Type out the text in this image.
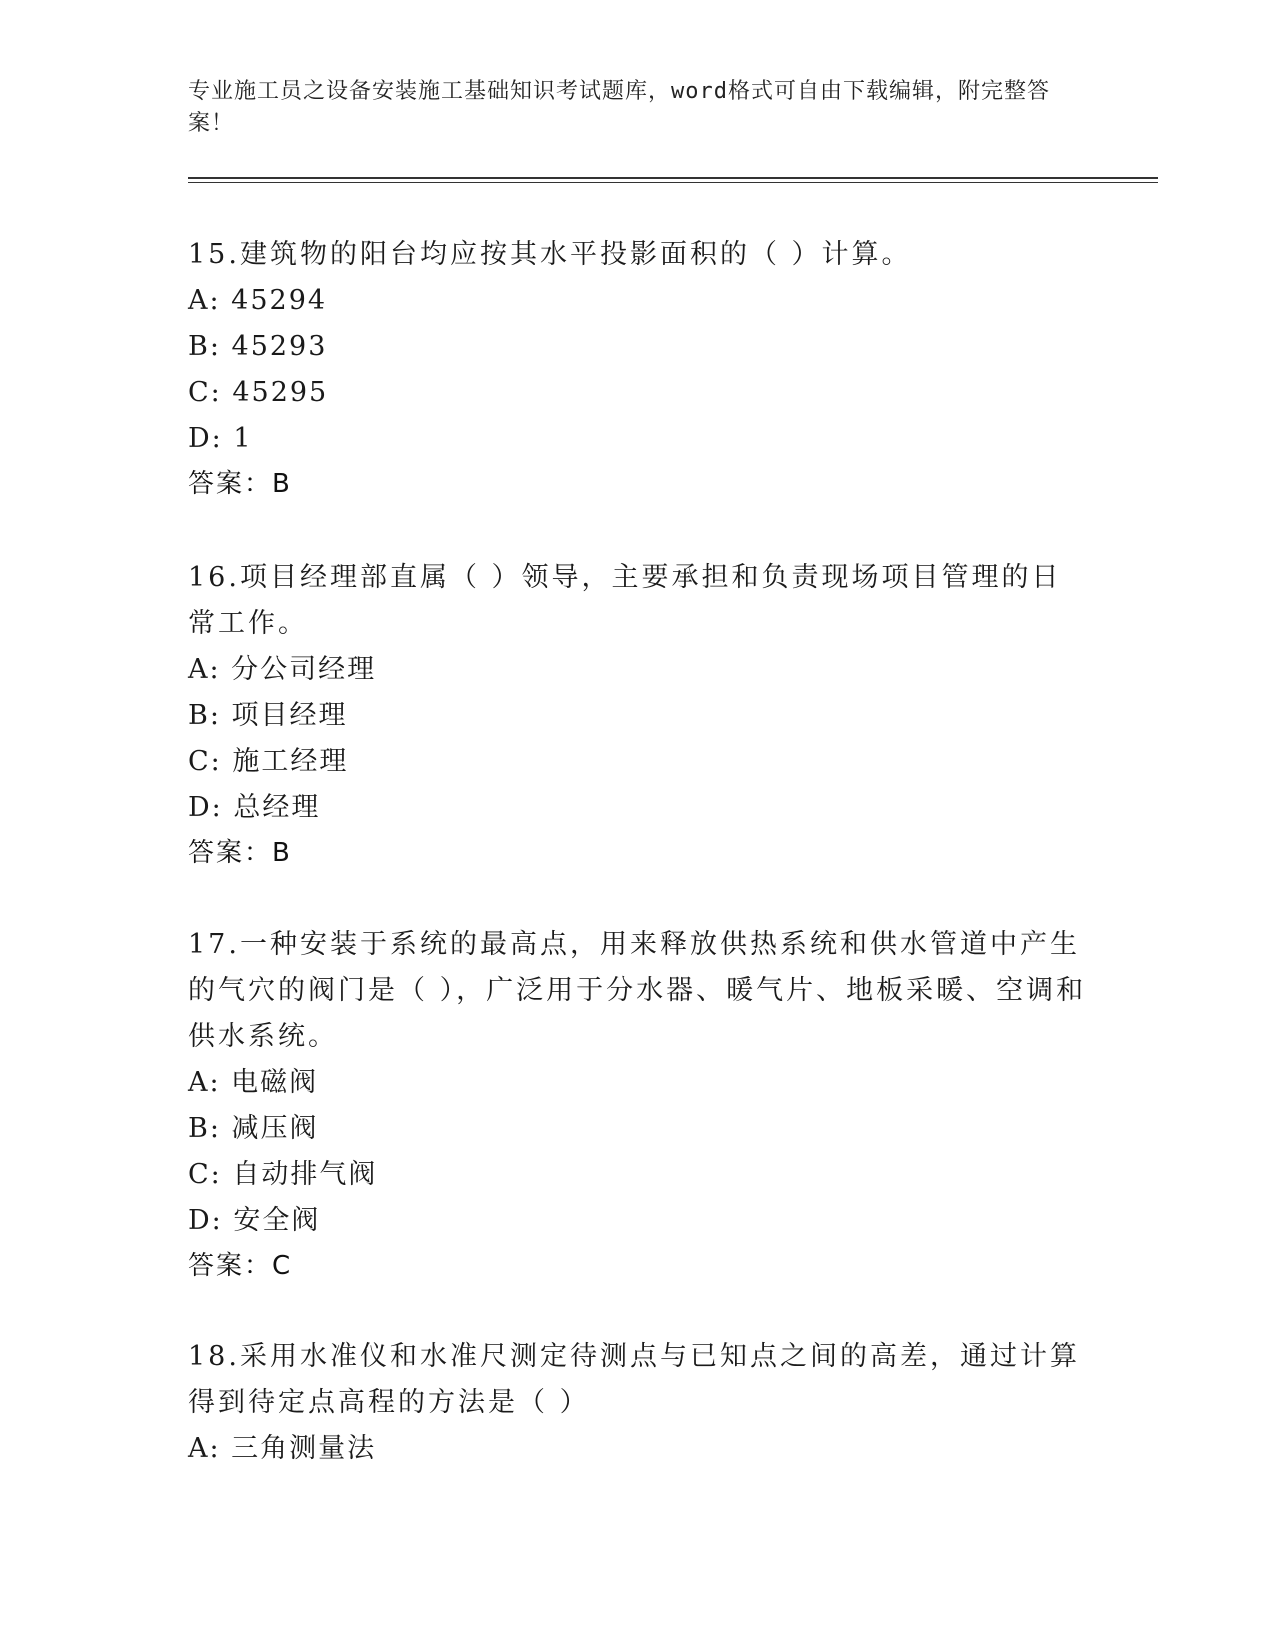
专业施工员之设备安装施工基础知识考试题库，word格式可自由下载编辑，附完整答案！
15.建筑物的阳台均应按其水平投影面积的（ ）计算。
A: 45294
B: 45293
C: 45295
D: 1
答案：B
16.项目经理部直属（ ）领导，主要承担和负责现场项目管理的日常工作。
A: 分公司经理
B: 项目经理
C: 施工经理
D: 总经理
答案：B
17.一种安装于系统的最高点，用来释放供热系统和供水管道中产生的气穴的阀门是（ ），广泛用于分水器、暖气片、地板采暖、空调和供水系统。
A: 电磁阀
B: 减压阀
C: 自动排气阀
D: 安全阀
答案：C
18.采用水准仪和水准尺测定待测点与已知点之间的高差，通过计算得到待定点高程的方法是（ ）
A: 三角测量法
